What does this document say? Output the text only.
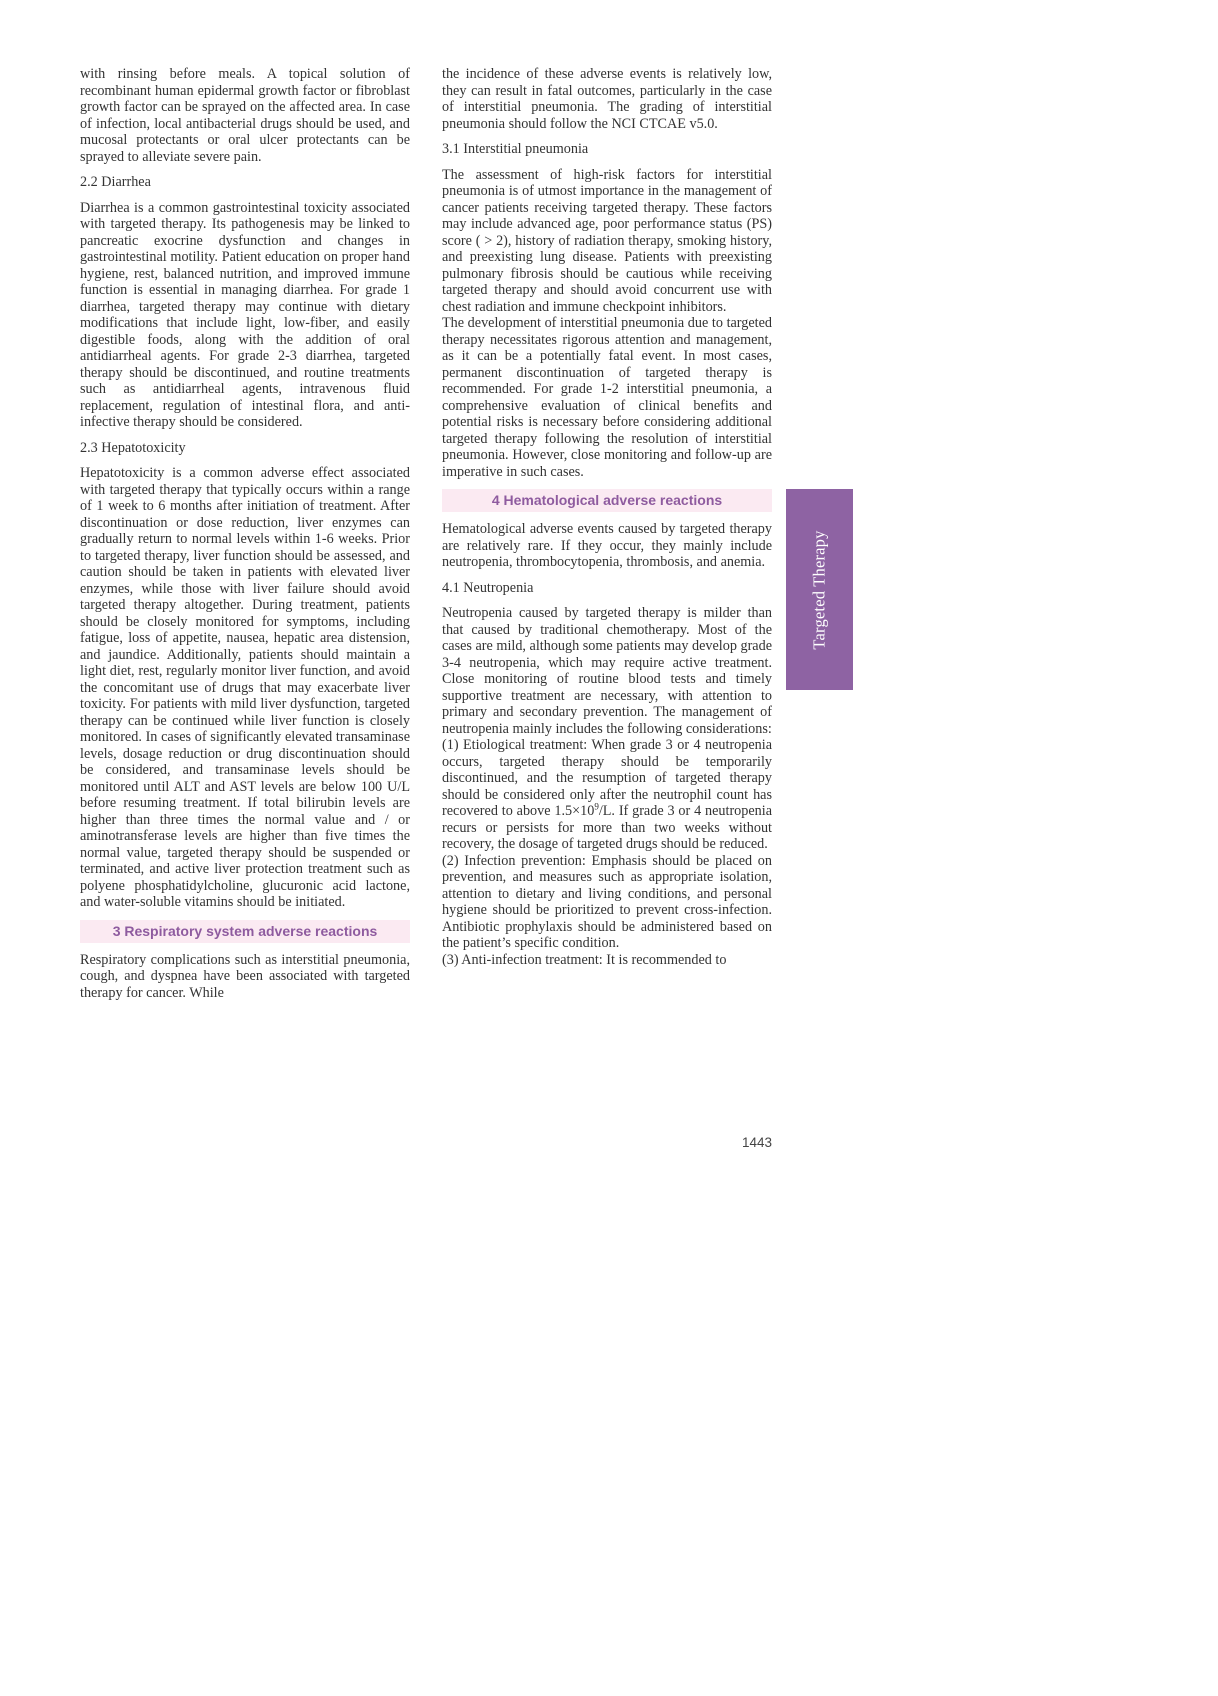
with rinsing before meals. A topical solution of recombinant human epidermal growth factor or fibroblast growth factor can be sprayed on the affected area. In case of infection, local antibacterial drugs should be used, and mucosal protectants or oral ulcer protectants can be sprayed to alleviate severe pain.

2.2 Diarrhea

Diarrhea is a common gastrointestinal toxicity associated with targeted therapy. Its pathogenesis may be linked to pancreatic exocrine dysfunction and changes in gastrointestinal motility. Patient education on proper hand hygiene, rest, balanced nutrition, and improved immune function is essential in managing diarrhea. For grade 1 diarrhea, targeted therapy may continue with dietary modifications that include light, low-fiber, and easily digestible foods, along with the addition of oral antidiarrheal agents. For grade 2-3 diarrhea, targeted therapy should be discontinued, and routine treatments such as antidiarrheal agents, intravenous fluid replacement, regulation of intestinal flora, and anti-infective therapy should be considered.

2.3 Hepatotoxicity

Hepatotoxicity is a common adverse effect associated with targeted therapy that typically occurs within a range of 1 week to 6 months after initiation of treatment. After discontinuation or dose reduction, liver enzymes can gradually return to normal levels within 1-6 weeks. Prior to targeted therapy, liver function should be assessed, and caution should be taken in patients with elevated liver enzymes, while those with liver failure should avoid targeted therapy altogether. During treatment, patients should be closely monitored for symptoms, including fatigue, loss of appetite, nausea, hepatic area distension, and jaundice. Additionally, patients should maintain a light diet, rest, regularly monitor liver function, and avoid the concomitant use of drugs that may exacerbate liver toxicity. For patients with mild liver dysfunction, targeted therapy can be continued while liver function is closely monitored. In cases of significantly elevated transaminase levels, dosage reduction or drug discontinuation should be considered, and transaminase levels should be monitored until ALT and AST levels are below 100 U/L before resuming treatment. If total bilirubin levels are higher than three times the normal value and / or aminotransferase levels are higher than five times the normal value, targeted therapy should be suspended or terminated, and active liver protection treatment such as polyene phosphatidylcholine, glucuronic acid lactone, and water-soluble vitamins should be initiated.

3 Respiratory system adverse reactions

Respiratory complications such as interstitial pneumonia, cough, and dyspnea have been associated with targeted therapy for cancer. While

the incidence of these adverse events is relatively low, they can result in fatal outcomes, particularly in the case of interstitial pneumonia. The grading of interstitial pneumonia should follow the NCI CTCAE v5.0.

3.1 Interstitial pneumonia

The assessment of high-risk factors for interstitial pneumonia is of utmost importance in the management of cancer patients receiving targeted therapy. These factors may include advanced age, poor performance status (PS) score ( > 2), history of radiation therapy, smoking history, and preexisting lung disease. Patients with preexisting pulmonary fibrosis should be cautious while receiving targeted therapy and should avoid concurrent use with chest radiation and immune checkpoint inhibitors.

The development of interstitial pneumonia due to targeted therapy necessitates rigorous attention and management, as it can be a potentially fatal event. In most cases, permanent discontinuation of targeted therapy is recommended. For grade 1-2 interstitial pneumonia, a comprehensive evaluation of clinical benefits and potential risks is necessary before considering additional targeted therapy following the resolution of interstitial pneumonia. However, close monitoring and follow-up are imperative in such cases.

4 Hematological adverse reactions

Hematological adverse events caused by targeted therapy are relatively rare. If they occur, they mainly include neutropenia, thrombocytopenia, thrombosis, and anemia.

4.1 Neutropenia

Neutropenia caused by targeted therapy is milder than that caused by traditional chemotherapy. Most of the cases are mild, although some patients may develop grade 3-4 neutropenia, which may require active treatment. Close monitoring of routine blood tests and timely supportive treatment are necessary, with attention to primary and secondary prevention. The management of neutropenia mainly includes the following considerations:

(1) Etiological treatment: When grade 3 or 4 neutropenia occurs, targeted therapy should be temporarily discontinued, and the resumption of targeted therapy should be considered only after the neutrophil count has recovered to above $1.5\times 10^9/L$. If grade 3 or 4 neutropenia recurs or persists for more than two weeks without recovery, the dosage of targeted drugs should be reduced.

(2) Infection prevention: Emphasis should be placed on prevention, and measures such as appropriate isolation, attention to dietary and living conditions, and personal hygiene should be prioritized to prevent cross-infection. Antibiotic prophylaxis should be administered based on the patient’s specific condition.

(3) Anti-infection treatment: It is recommended to

Targeted Therapy
1443
